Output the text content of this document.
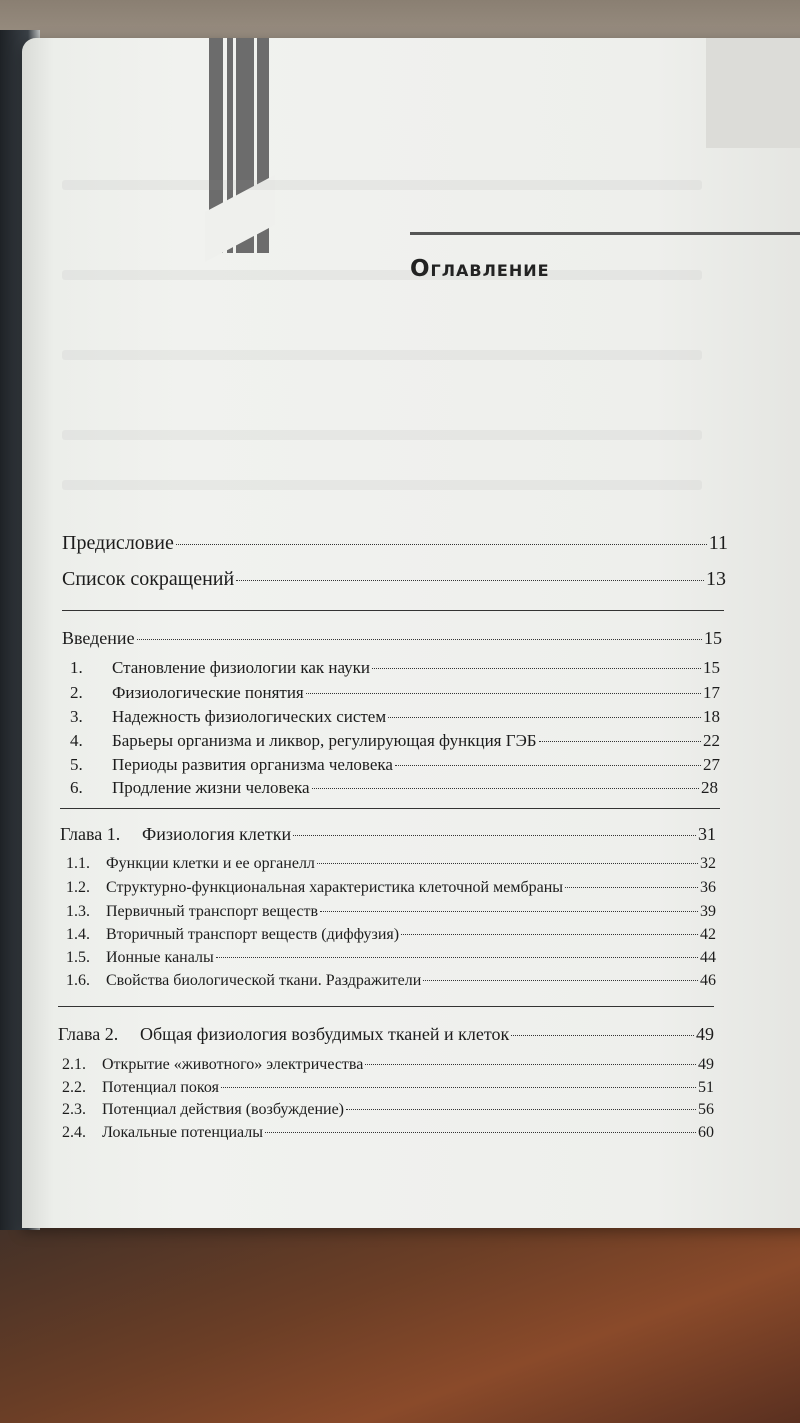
Оглавление
Предисловие	11
Список сокращений	13
Введение	15
1.	Становление физиологии как науки	15
2.	Физиологические понятия	17
3.	Надежность физиологических систем	18
4.	Барьеры организма и ликвор, регулирующая функция ГЭБ	22
5.	Периоды развития организма человека	27
6.	Продление жизни человека	28
Глава 1.	Физиология клетки	31
1.1.	Функции клетки и ее органелл	32
1.2.	Структурно-функциональная характеристика клеточной мембраны	36
1.3.	Первичный транспорт веществ	39
1.4.	Вторичный транспорт веществ (диффузия)	42
1.5.	Ионные каналы	44
1.6.	Свойства биологической ткани. Раздражители	46
Глава 2.	Общая физиология возбудимых тканей и клеток	49
2.1.	Открытие «животного» электричества	49
2.2.	Потенциал покоя	51
2.3.	Потенциал действия (возбуждение)	56
2.4.	Локальные потенциалы	60
